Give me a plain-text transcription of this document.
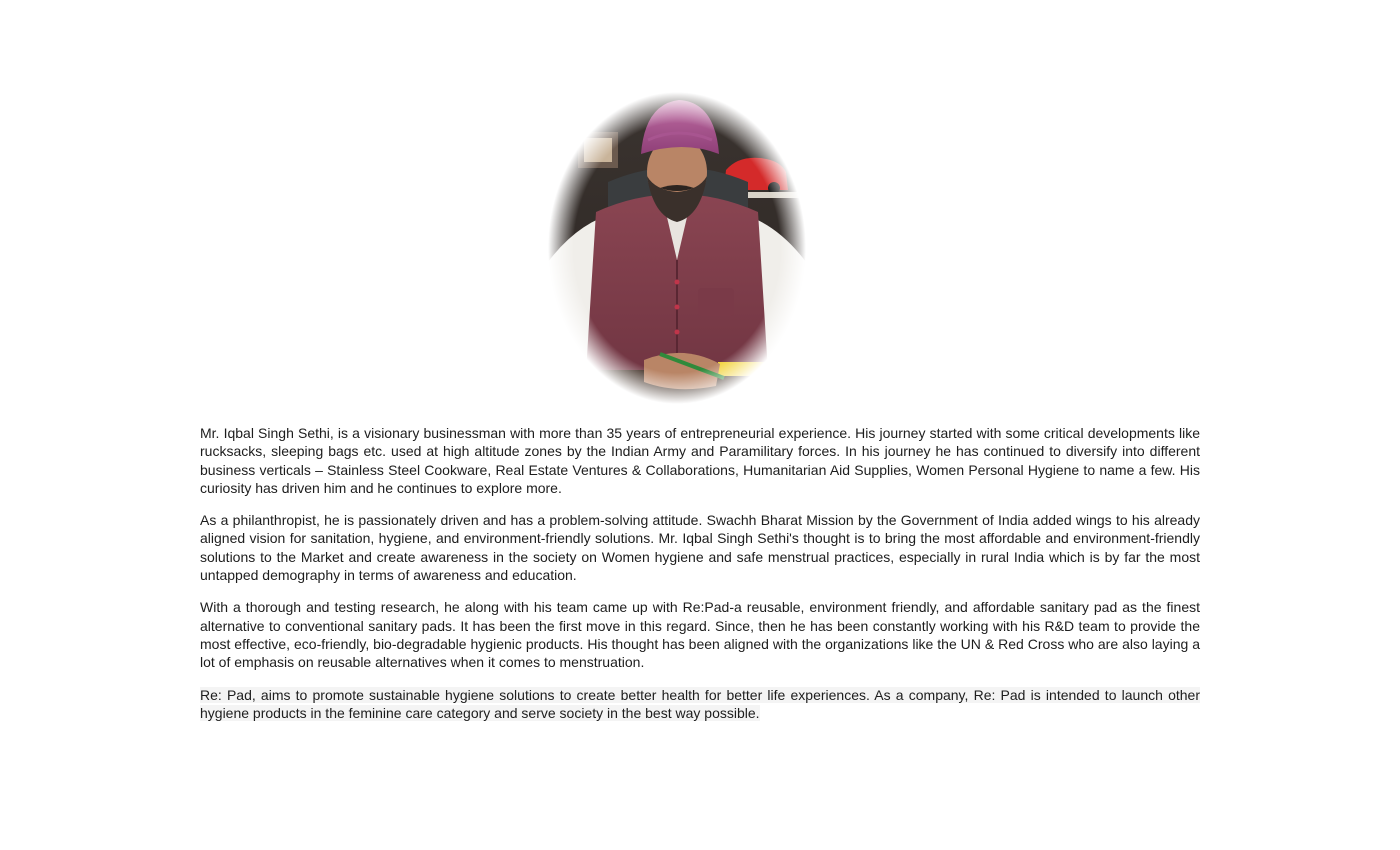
Mr. Iqbal Singh Sethi, is a visionary businessman with more than 35 years of entrepreneurial experience. His journey started with some critical developments like rucksacks, sleeping bags etc. used at high altitude zones by the Indian Army and Paramilitary forces. In his journey he has continued to diversify into different business verticals – Stainless Steel Cookware, Real Estate Ventures & Collaborations, Humanitarian Aid Supplies, Women Personal Hygiene to name a few. His curiosity has driven him and he continues to explore more.

As a philanthropist, he is passionately driven and has a problem-solving attitude. Swachh Bharat Mission by the Government of India added wings to his already aligned vision for sanitation, hygiene, and environment-friendly solutions. Mr. Iqbal Singh Sethi's thought is to bring the most affordable and environment-friendly solutions to the Market and create awareness in the society on Women hygiene and safe menstrual practices, especially in rural India which is by far the most untapped demography in terms of awareness and education.

With a thorough and testing research, he along with his team came up with Re:Pad-a reusable, environment friendly, and affordable sanitary pad as the finest alternative to conventional sanitary pads. It has been the first move in this regard. Since, then he has been constantly working with his R&D team to provide the most effective, eco-friendly, bio-degradable hygienic products. His thought has been aligned with the organizations like the UN & Red Cross who are also laying a lot of emphasis on reusable alternatives when it comes to menstruation.

Re: Pad, aims to promote sustainable hygiene solutions to create better health for better life experiences. As a company, Re: Pad is intended to launch other hygiene products in the feminine care category and serve society in the best way possible.
